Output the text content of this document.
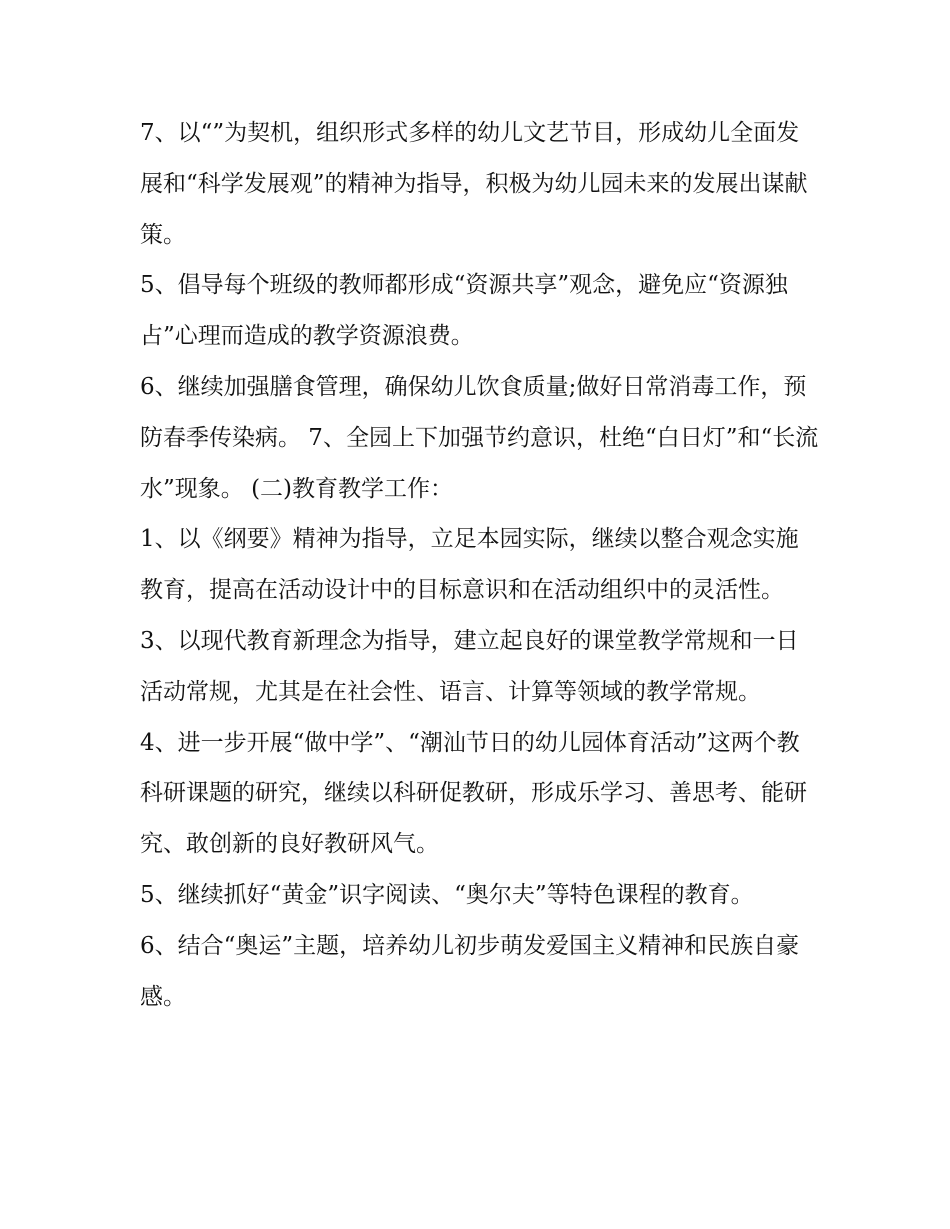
7、以“”为契机，组织形式多样的幼儿文艺节目，形成幼儿全面发展和“科学发展观”的精神为指导，积极为幼儿园未来的发展出谋献策。

5、倡导每个班级的教师都形成“资源共享”观念，避免应“资源独占”心理而造成的教学资源浪费。

6、继续加强膳食管理，确保幼儿饮食质量;做好日常消毒工作，预防春季传染病。 7、全园上下加强节约意识，杜绝“白日灯”和“长流水”现象。 (二)教育教学工作：

1、以《纲要》精神为指导，立足本园实际，继续以整合观念实施教育，提高在活动设计中的目标意识和在活动组织中的灵活性。

3、以现代教育新理念为指导，建立起良好的课堂教学常规和一日活动常规，尤其是在社会性、语言、计算等领域的教学常规。

4、进一步开展“做中学”、“潮汕节日的幼儿园体育活动”这两个教科研课题的研究，继续以科研促教研，形成乐学习、善思考、能研究、敢创新的良好教研风气。

5、继续抓好“黄金”识字阅读、“奥尔夫”等特色课程的教育。

6、结合“奥运”主题，培养幼儿初步萌发爱国主义精神和民族自豪感。
